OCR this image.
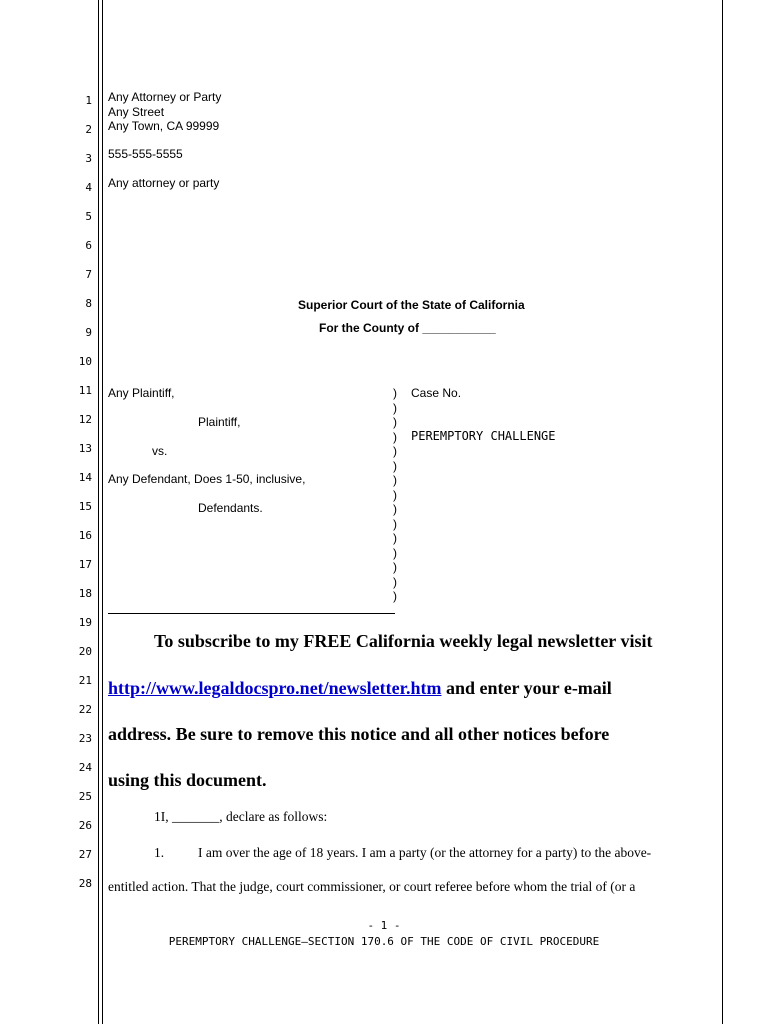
1
2
3
4
5
6
7
8
9
10
11
12
13
14
15
16
17
18
19
20
21
22
23
24
25
26
27
28
Any Attorney or Party
Any Street
Any Town, CA 99999
555-555-5555
Any attorney or party
Superior Court of the State of California
For the County of ___________
Any Plaintiff,
Plaintiff,
vs.
Any Defendant, Does 1-50, inclusive,
Defendants.
)
)
)
)
)
)
)
)
)
)
)
)
)
)
)
Case No.
PEREMPTORY CHALLENGE
To subscribe to my FREE California weekly legal newsletter visit
http://www.legaldocspro.net/newsletter.htm and enter your e-mail
address. Be sure to remove this notice and all other notices before
using this document.
1I, _______, declare as follows:
1.	I am over the age of 18 years. I am a party (or the attorney for a party) to the above-
entitled action. That the judge, court commissioner, or court referee before whom the trial of (or a
- 1 -
PEREMPTORY CHALLENGE–SECTION 170.6 OF THE CODE OF CIVIL PROCEDURE
